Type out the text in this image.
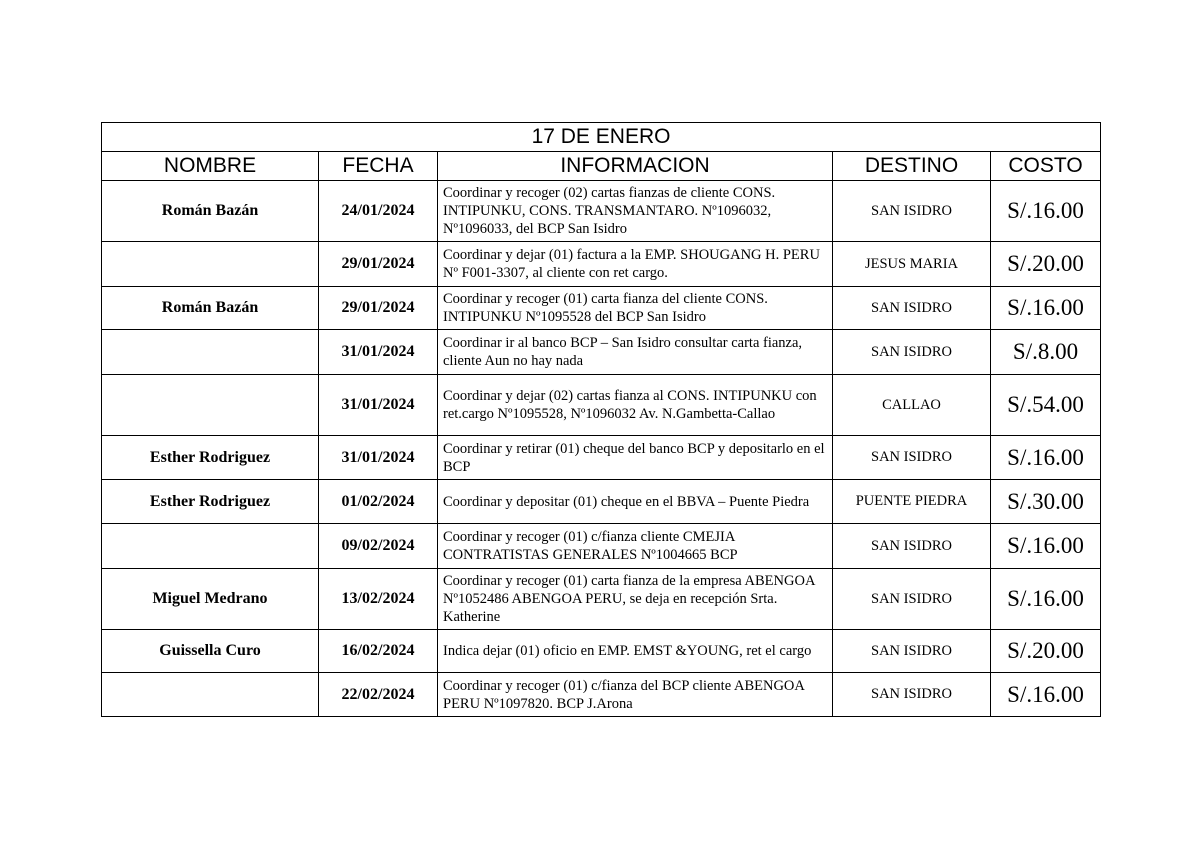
17 DE ENERO				
NOMBRE	FECHA	INFORMACION	DESTINO	COSTO
Román Bazán	24/01/2024	Coordinar y recoger (02) cartas fianzas de cliente CONS. INTIPUNKU, CONS. TRANSMANTARO. Nº1096032, Nº1096033, del BCP San Isidro	SAN ISIDRO	S/.16.00
	29/01/2024	Coordinar y dejar (01) factura a la EMP. SHOUGANG H. PERU Nº F001-3307, al cliente con ret cargo.	JESUS MARIA	S/.20.00
Román Bazán	29/01/2024	Coordinar y recoger (01) carta fianza del cliente CONS. INTIPUNKU Nº1095528 del BCP San Isidro	SAN ISIDRO	S/.16.00
	31/01/2024	Coordinar ir al banco BCP – San Isidro consultar carta fianza, cliente Aun no hay nada	SAN ISIDRO	S/.8.00
	31/01/2024	Coordinar y dejar (02) cartas fianza al CONS. INTIPUNKU con ret.cargo Nº1095528, Nº1096032 Av. N.Gambetta-Callao	CALLAO	S/.54.00
Esther Rodriguez	31/01/2024	Coordinar y retirar (01) cheque del banco BCP y depositarlo en el BCP	SAN ISIDRO	S/.16.00
Esther Rodriguez	01/02/2024	Coordinar y depositar (01) cheque en el BBVA – Puente Piedra	PUENTE PIEDRA	S/.30.00
	09/02/2024	Coordinar y recoger (01) c/fianza cliente CMEJIA CONTRATISTAS GENERALES Nº1004665 BCP	SAN ISIDRO	S/.16.00
Miguel Medrano	13/02/2024	Coordinar y recoger (01) carta fianza de la empresa ABENGOA Nº1052486 ABENGOA PERU, se deja en recepción Srta. Katherine	SAN ISIDRO	S/.16.00
Guissella Curo	16/02/2024	Indica dejar (01) oficio en EMP. EMST &YOUNG, ret el cargo	SAN ISIDRO	S/.20.00
	22/02/2024	Coordinar y recoger (01) c/fianza del BCP cliente ABENGOA PERU Nº1097820. BCP J.Arona	SAN ISIDRO	S/.16.00
